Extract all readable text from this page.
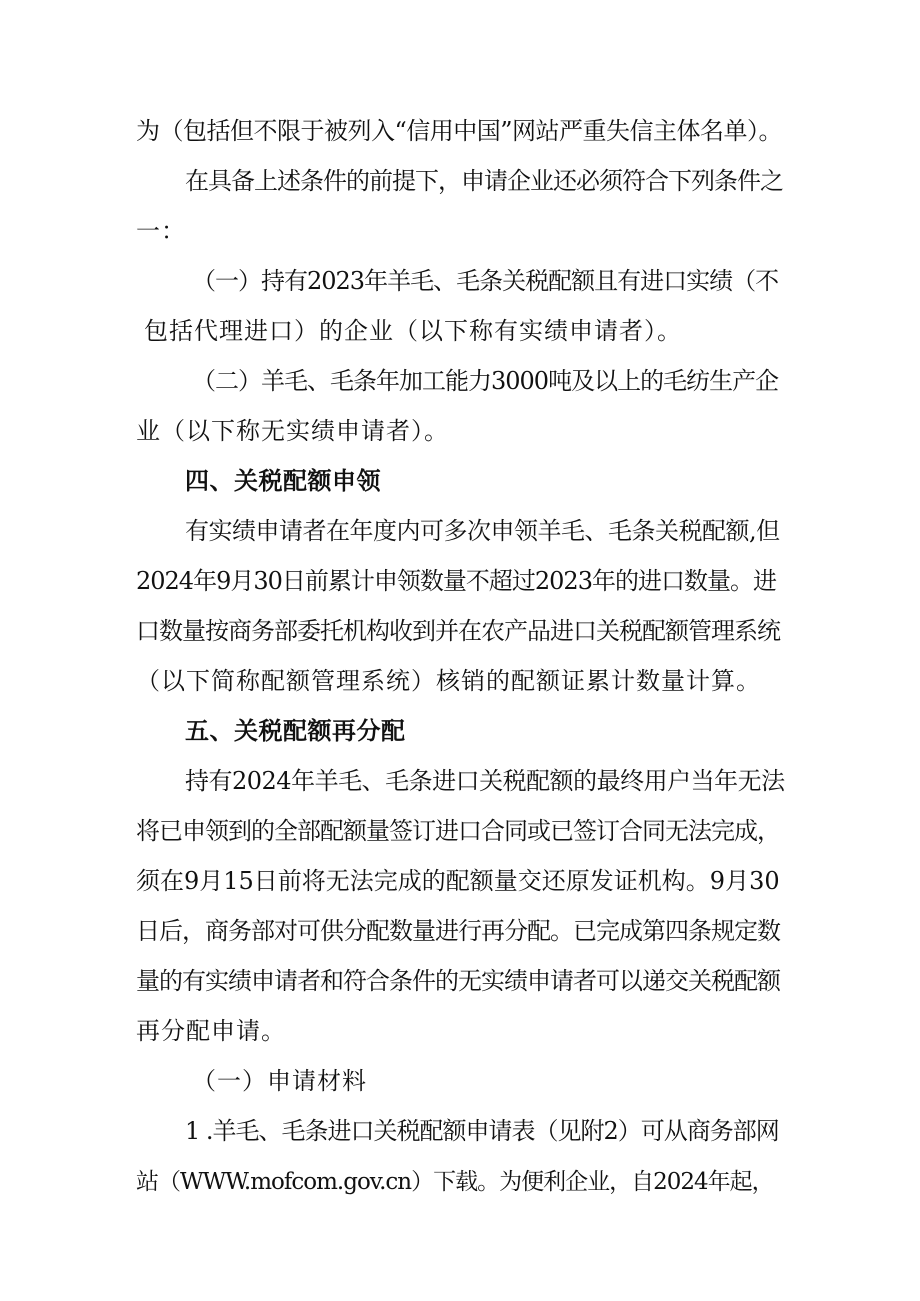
为（包括但不限于被列入“信用中国”网站严重失信主体名单）。
在具备上述条件的前提下，申请企业还必须符合下列条件之
一：
（一）持有2023年羊毛、毛条关税配额且有进口实绩（不
包括代理进口）的企业（以下称有实绩申请者）。
（二）羊毛、毛条年加工能力3000吨及以上的毛纺生产企
业（以下称无实绩申请者）。
四、关税配额申领
有实绩申请者在年度内可多次申领羊毛、毛条关税配额,但
2024年9月30日前累计申领数量不超过2023年的进口数量。进
口数量按商务部委托机构收到并在农产品进口关税配额管理系统
（以下简称配额管理系统）核销的配额证累计数量计算。
五、关税配额再分配
持有2024年羊毛、毛条进口关税配额的最终用户当年无法
将已申领到的全部配额量签订进口合同或已签订合同无法完成，
须在9月15日前将无法完成的配额量交还原发证机构。9月30
日后，商务部对可供分配数量进行再分配。已完成第四条规定数
量的有实绩申请者和符合条件的无实绩申请者可以递交关税配额
再分配申请。
（一）申请材料
1 .羊毛、毛条进口关税配额申请表（见附2）可从商务部网
站（WWW.mofcom.gov.cn）下载。为便利企业，自2024年起，
